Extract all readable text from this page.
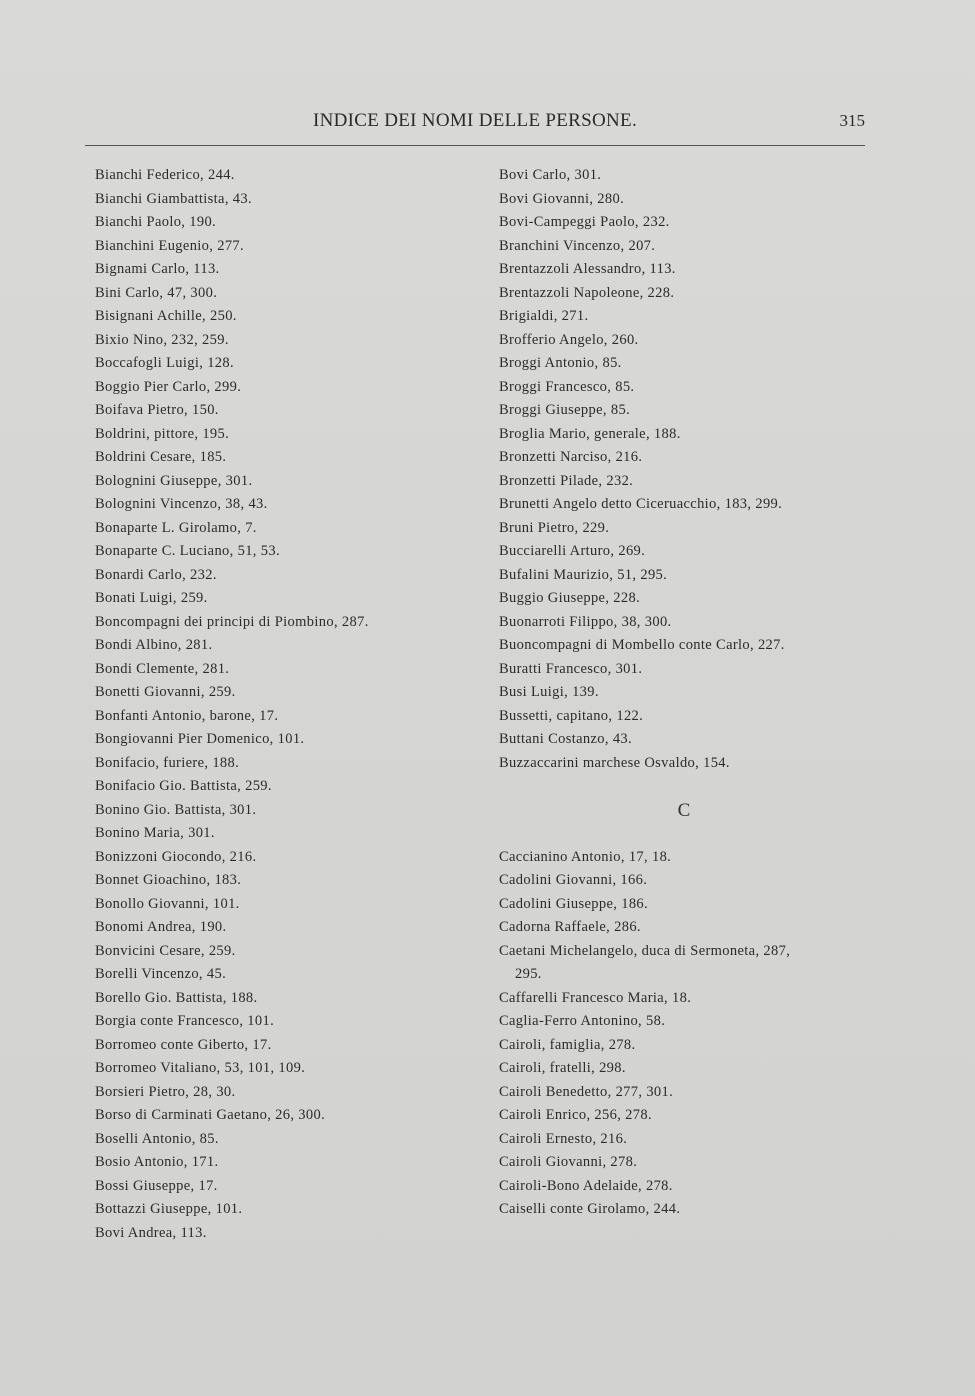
INDICE DEI NOMI DELLE PERSONE.	315
Bianchi Federico, 244.
Bianchi Giambattista, 43.
Bianchi Paolo, 190.
Bianchini Eugenio, 277.
Bignami Carlo, 113.
Bini Carlo, 47, 300.
Bisignani Achille, 250.
Bixio Nino, 232, 259.
Boccafogli Luigi, 128.
Boggio Pier Carlo, 299.
Boifava Pietro, 150.
Boldrini, pittore, 195.
Boldrini Cesare, 185.
Bolognini Giuseppe, 301.
Bolognini Vincenzo, 38, 43.
Bonaparte L. Girolamo, 7.
Bonaparte C. Luciano, 51, 53.
Bonardi Carlo, 232.
Bonati Luigi, 259.
Boncompagni dei principi di Piombino, 287.
Bondi Albino, 281.
Bondi Clemente, 281.
Bonetti Giovanni, 259.
Bonfanti Antonio, barone, 17.
Bongiovanni Pier Domenico, 101.
Bonifacio, furiere, 188.
Bonifacio Gio. Battista, 259.
Bonino Gio. Battista, 301.
Bonino Maria, 301.
Bonizzoni Giocondo, 216.
Bonnet Gioachino, 183.
Bonollo Giovanni, 101.
Bonomi Andrea, 190.
Bonvicini Cesare, 259.
Borelli Vincenzo, 45.
Borello Gio. Battista, 188.
Borgia conte Francesco, 101.
Borromeo conte Giberto, 17.
Borromeo Vitaliano, 53, 101, 109.
Borsieri Pietro, 28, 30.
Borso di Carminati Gaetano, 26, 300.
Boselli Antonio, 85.
Bosio Antonio, 171.
Bossi Giuseppe, 17.
Bottazzi Giuseppe, 101.
Bovi Andrea, 113.
Bovi Carlo, 301.
Bovi Giovanni, 280.
Bovi-Campeggi Paolo, 232.
Branchini Vincenzo, 207.
Brentazzoli Alessandro, 113.
Brentazzoli Napoleone, 228.
Brigialdi, 271.
Brofferio Angelo, 260.
Broggi Antonio, 85.
Broggi Francesco, 85.
Broggi Giuseppe, 85.
Broglia Mario, generale, 188.
Bronzetti Narciso, 216.
Bronzetti Pilade, 232.
Brunetti Angelo detto Ciceruacchio, 183, 299.
Bruni Pietro, 229.
Bucciarelli Arturo, 269.
Bufalini Maurizio, 51, 295.
Buggio Giuseppe, 228.
Buonarroti Filippo, 38, 300.
Buoncompagni di Mombello conte Carlo, 227.
Buratti Francesco, 301.
Busi Luigi, 139.
Bussetti, capitano, 122.
Buttani Costanzo, 43.
Buzzaccarini marchese Osvaldo, 154.
C
Caccianino Antonio, 17, 18.
Cadolini Giovanni, 166.
Cadolini Giuseppe, 186.
Cadorna Raffaele, 286.
Caetani Michelangelo, duca di Sermoneta, 287,
295.
Caffarelli Francesco Maria, 18.
Caglia-Ferro Antonino, 58.
Cairoli, famiglia, 278.
Cairoli, fratelli, 298.
Cairoli Benedetto, 277, 301.
Cairoli Enrico, 256, 278.
Cairoli Ernesto, 216.
Cairoli Giovanni, 278.
Cairoli-Bono Adelaide, 278.
Caiselli conte Girolamo, 244.
